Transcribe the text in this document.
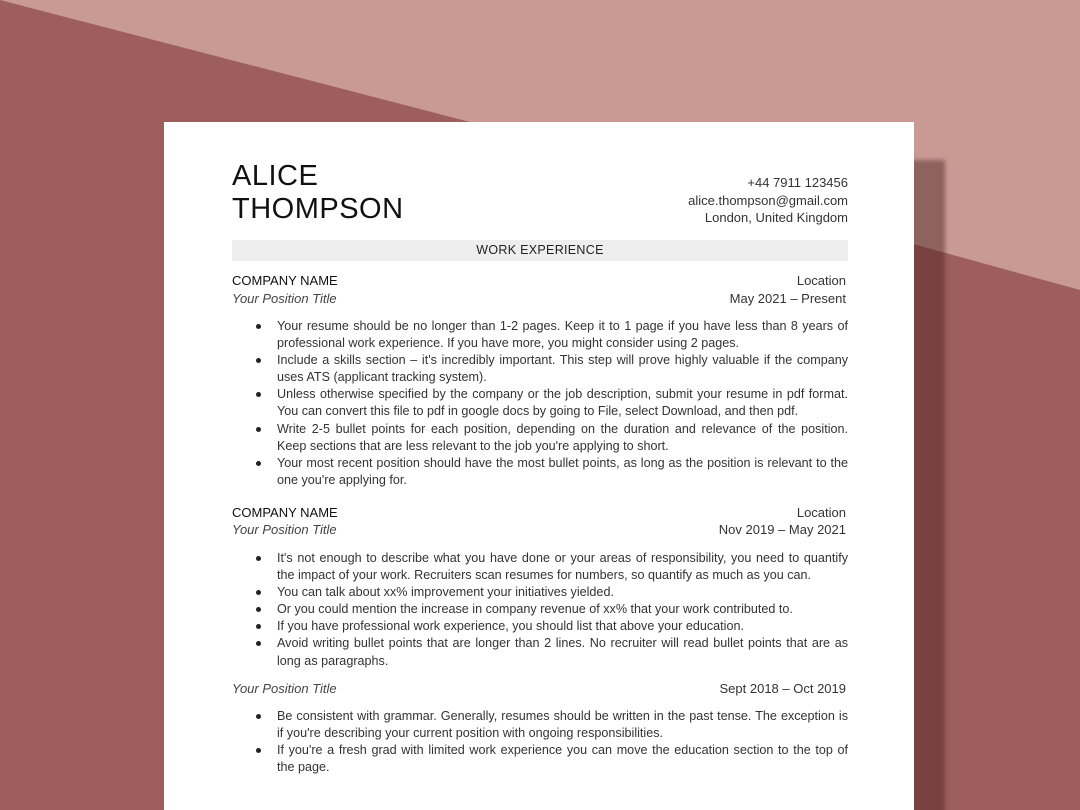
ALICE
THOMPSON
+44 7911 123456
alice.thompson@gmail.com
London, United Kingdom
WORK EXPERIENCE
COMPANY NAME	Location
Your Position Title	May 2021 – Present
Your resume should be no longer than 1-2 pages. Keep it to 1 page if you have less than 8 years of professional work experience. If you have more, you might consider using 2 pages.
Include a skills section – it's incredibly important. This step will prove highly valuable if the company uses ATS (applicant tracking system).
Unless otherwise specified by the company or the job description, submit your resume in pdf format. You can convert this file to pdf in google docs by going to File, select Download, and then pdf.
Write 2-5 bullet points for each position, depending on the duration and relevance of the position. Keep sections that are less relevant to the job you're applying to short.
Your most recent position should have the most bullet points, as long as the position is relevant to the one you're applying for.
COMPANY NAME	Location
Your Position Title	Nov 2019 – May 2021
It's not enough to describe what you have done or your areas of responsibility, you need to quantify the impact of your work. Recruiters scan resumes for numbers, so quantify as much as you can.
You can talk about xx% improvement your initiatives yielded.
Or you could mention the increase in company revenue of xx% that your work contributed to.
If you have professional work experience, you should list that above your education.
Avoid writing bullet points that are longer than 2 lines. No recruiter will read bullet points that are as long as paragraphs.
Your Position Title	Sept 2018 – Oct 2019
Be consistent with grammar. Generally, resumes should be written in the past tense. The exception is if you're describing your current position with ongoing responsibilities.
If you're a fresh grad with limited work experience you can move the education section to the top of the page.
